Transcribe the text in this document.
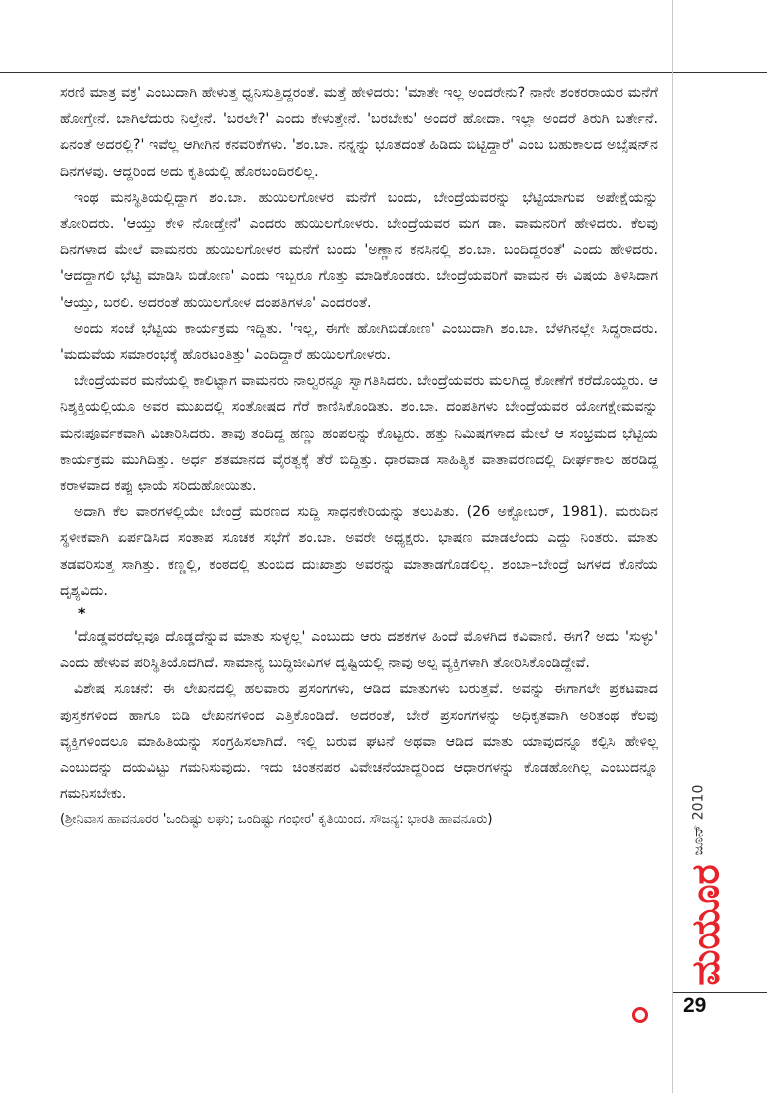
ಸರಣಿ ಮಾತ್ರ ವಕ್ರ' ಎಂಬುದಾಗಿ ಹೇಳುತ್ತ ಧ್ವನಿಸುತ್ತಿದ್ದರಂತೆ. ಮತ್ತೆ ಹೇಳಿದರು: 'ಮಾತೇ ಇಲ್ಲ ಅಂದರೇನು? ನಾನೇ ಶಂಕರರಾಯರ ಮನೆಗೆ ಹೋಗ್ತೇನೆ. ಬಾಗಿಲೆದುರು ನಿಲ್ತೇನೆ. 'ಬರಲೇ?' ಎಂದು ಕೇಳುತ್ತೇನೆ. 'ಬರಬೇಕು' ಅಂದರೆ ಹೋದಾ. ಇಲ್ಲಾ ಅಂದರೆ ತಿರುಗಿ ಬರ್ತೇನೆ. ಏನಂತೆ ಅದರಲ್ಲಿ?' ಇವೆಲ್ಲ ಆಗೀಗಿನ ಕನವರಿಕೆಗಳು. 'ಶಂ.ಬಾ. ನನ್ನನ್ನು ಭೂತದಂತೆ ಹಿಡಿದು ಬಿಟ್ಟಿದ್ದಾರೆ' ಎಂಬ ಬಹುಕಾಲದ ಅಬ್ಸೆಷನ್‌ನ ದಿನಗಳವು. ಆದ್ದರಿಂದ ಅದು ಕೃತಿಯಲ್ಲಿ ಹೊರಬಂದಿರಲಿಲ್ಲ.

ಇಂಥ ಮನಸ್ಥಿತಿಯಲ್ಲಿದ್ದಾಗ ಶಂ.ಬಾ. ಹುಯಿಲಗೋಳರ ಮನೆಗೆ ಬಂದು, ಬೇಂದ್ರೆಯವರನ್ನು ಭೆಟ್ಟಿಯಾಗುವ ಅಪೇಕ್ಷೆಯನ್ನು ತೋರಿದರು. 'ಆಯ್ತು ಕೇಳಿ ನೋಡ್ತೇನೆ' ಎಂದರು ಹುಯಿಲಗೋಳರು. ಬೇಂದ್ರೆಯವರ ಮಗ ಡಾ. ವಾಮನರಿಗೆ ಹೇಳಿದರು. ಕೆಲವು ದಿನಗಳಾದ ಮೇಲೆ ವಾಮನರು ಹುಯಿಲಗೋಳರ ಮನೆಗೆ ಬಂದು 'ಅಣ್ಣಾನ ಕನಸಿನಲ್ಲಿ ಶಂ.ಬಾ. ಬಂದಿದ್ದರಂತೆ' ಎಂದು ಹೇಳಿದರು. 'ಆದದ್ದಾಗಲಿ ಭೆಟ್ಟಿ ಮಾಡಿಸಿ ಬಿಡೋಣ' ಎಂದು ಇಬ್ಬರೂ ಗೊತ್ತು ಮಾಡಿಕೊಂಡರು. ಬೇಂದ್ರೆಯವರಿಗೆ ವಾಮನ ಈ ವಿಷಯ ತಿಳಿಸಿದಾಗ 'ಆಯ್ತು, ಬರಲಿ. ಅದರಂತೆ ಹುಯಿಲಗೋಳ ದಂಪತಿಗಳೂ' ಎಂದರಂತೆ.

ಅಂದು ಸಂಜೆ ಭೆಟ್ಟಿಯ ಕಾರ್ಯಕ್ರಮ ಇದ್ದಿತು. 'ಇಲ್ಲ, ಈಗೇ ಹೋಗಿಬಿಡೋಣ' ಎಂಬುದಾಗಿ ಶಂ.ಬಾ. ಬೆಳಗಿನಲ್ಲೇ ಸಿದ್ಧರಾದರು. 'ಮದುವೆಯ ಸಮಾರಂಭಕ್ಕೆ ಹೊರಟಂತಿತ್ತು' ಎಂದಿದ್ದಾರೆ ಹುಯಿಲಗೋಳರು.

ಬೇಂದ್ರೆಯವರ ಮನೆಯಲ್ಲಿ ಕಾಲಿಟ್ಟಾಗ ವಾಮನರು ನಾಲ್ವರನ್ನೂ ಸ್ವಾಗತಿಸಿದರು. ಬೇಂದ್ರೆಯವರು ಮಲಗಿದ್ದ ಕೋಣೆಗೆ ಕರೆದೊಯ್ದರು. ಆ ನಿಶ್ಶಕ್ತಿಯಲ್ಲಿಯೂ ಅವರ ಮುಖದಲ್ಲಿ ಸಂತೋಷದ ಗೆರೆ ಕಾಣಿಸಿಕೊಂಡಿತು. ಶಂ.ಬಾ. ದಂಪತಿಗಳು ಬೇಂದ್ರೆಯವರ ಯೋಗಕ್ಷೇಮವನ್ನು ಮನಃಪೂರ್ವಕವಾಗಿ ವಿಚಾರಿಸಿದರು. ತಾವು ತಂದಿದ್ದ ಹಣ್ಣು ಹಂಪಲನ್ನು ಕೊಟ್ಟರು. ಹತ್ತು ನಿಮಿಷಗಳಾದ ಮೇಲೆ ಆ ಸಂಭ್ರಮದ ಭೆಟ್ಟಿಯ ಕಾರ್ಯಕ್ರಮ ಮುಗಿದಿತ್ತು. ಅರ್ಧ ಶತಮಾನದ ವೈರತ್ವಕ್ಕೆ ತೆರೆ ಬಿದ್ದಿತ್ತು. ಧಾರವಾಡ ಸಾಹಿತ್ಯಿಕ ವಾತಾವರಣದಲ್ಲಿ ದೀರ್ಘಕಾಲ ಹರಡಿದ್ದ ಕರಾಳವಾದ ಕಪ್ಪು ಛಾಯೆ ಸರಿದುಹೋಯಿತು.

ಅದಾಗಿ ಕೆಲ ವಾರಗಳಲ್ಲಿಯೇ ಬೇಂದ್ರೆ ಮರಣದ ಸುದ್ದಿ ಸಾಧನಕೇರಿಯನ್ನು ತಲುಪಿತು. (26 ಅಕ್ಟೋಬರ್, 1981). ಮರುದಿನ ಸ್ಥಳೀಕವಾಗಿ ಏರ್ಪಡಿಸಿದ ಸಂತಾಪ ಸೂಚಕ ಸಭೆಗೆ ಶಂ.ಬಾ. ಅವರೇ ಅಧ್ಯಕ್ಷರು. ಭಾಷಣ ಮಾಡಲೆಂದು ಎದ್ದು ನಿಂತರು. ಮಾತು ತಡವರಿಸುತ್ತ ಸಾಗಿತ್ತು. ಕಣ್ಣಲ್ಲಿ, ಕಂಠದಲ್ಲಿ ತುಂಬಿದ ದುಃಖಾಶ್ರು ಅವರನ್ನು ಮಾತಾಡಗೊಡಲಿಲ್ಲ. ಶಂಬಾ–ಬೇಂದ್ರೆ ಜಗಳದ ಕೊನೆಯ ದೃಶ್ಯವಿದು.

*

'ದೊಡ್ಡವರದೆಲ್ಲವೂ ದೊಡ್ಡದೆನ್ನುವ ಮಾತು ಸುಳ್ಳಲ್ಲ' ಎಂಬುದು ಆರು ದಶಕಗಳ ಹಿಂದೆ ಮೊಳಗಿದ ಕವಿವಾಣಿ. ಈಗ? ಅದು 'ಸುಳ್ಳು' ಎಂದು ಹೇಳುವ ಪರಿಸ್ಥಿತಿಯೊದಗಿದೆ. ಸಾಮಾನ್ಯ ಬುದ್ಧಿಜೀವಿಗಳ ದೃಷ್ಟಿಯಲ್ಲಿ ನಾವು ಅಲ್ಪ ವ್ಯಕ್ತಿಗಳಾಗಿ ತೋರಿಸಿಕೊಂಡಿದ್ದೇವೆ.

ವಿಶೇಷ ಸೂಚನೆ: ಈ ಲೇಖನದಲ್ಲಿ ಹಲವಾರು ಪ್ರಸಂಗಗಳು, ಆಡಿದ ಮಾತುಗಳು ಬರುತ್ತವೆ. ಅವನ್ನು ಈಗಾಗಲೇ ಪ್ರಕಟವಾದ ಪುಸ್ತಕಗಳಿಂದ ಹಾಗೂ ಬಿಡಿ ಲೇಖನಗಳಿಂದ ಎತ್ತಿಕೊಂಡಿದೆ. ಅದರಂತೆ, ಬೇರೆ ಪ್ರಸಂಗಗಳನ್ನು ಅಧಿಕೃತವಾಗಿ ಅರಿತಂಥ ಕೆಲವು ವ್ಯಕ್ತಿಗಳಿಂದಲೂ ಮಾಹಿತಿಯನ್ನು ಸಂಗ್ರಹಿಸಲಾಗಿದೆ. ಇಲ್ಲಿ ಬರುವ ಘಟನೆ ಅಥವಾ ಆಡಿದ ಮಾತು ಯಾವುದನ್ನೂ ಕಲ್ಪಿಸಿ ಹೇಳಿಲ್ಲ ಎಂಬುದನ್ನು ದಯವಿಟ್ಟು ಗಮನಿಸುವುದು. ಇದು ಚಿಂತನಪರ ವಿವೇಚನೆಯಾದ್ದರಿಂದ ಆಧಾರಗಳನ್ನು ಕೊಡಹೋಗಿಲ್ಲ ಎಂಬುದನ್ನೂ ಗಮನಿಸಬೇಕು.

(ಶ್ರೀನಿವಾಸ ಹಾವನೂರರ 'ಒಂದಿಷ್ಟು ಲಘು; ಒಂದಿಷ್ಟು ಗಂಭೀರ' ಕೃತಿಯಿಂದ. ಸೌಜನ್ಯ: ಭಾರತಿ ಹಾವನೂರು)	ಜೂನ್ 2010
ಮಯೂರ
29
